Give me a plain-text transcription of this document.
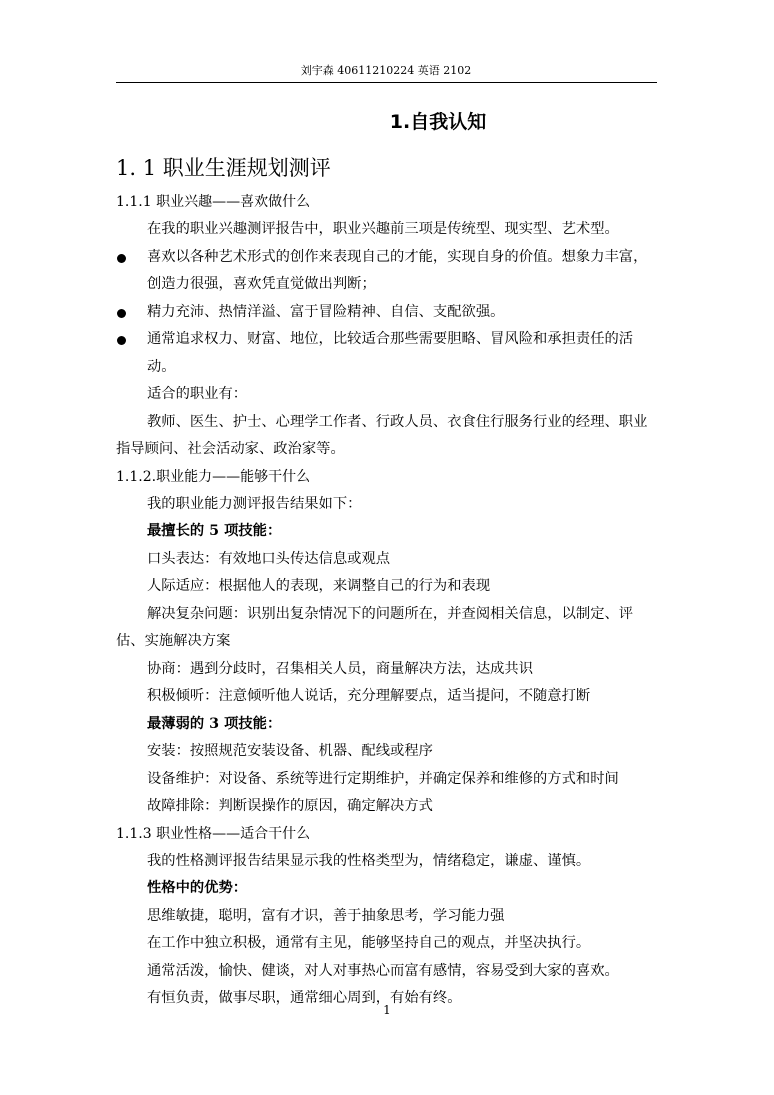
刘宇森 40611210224 英语 2102
1.自我认知
1. 1 职业生涯规划测评
1.1.1 职业兴趣——喜欢做什么
在我的职业兴趣测评报告中，职业兴趣前三项是传统型、现实型、艺术型。
喜欢以各种艺术形式的创作来表现自己的才能，实现自身的价值。想象力丰富，创造力很强，喜欢凭直觉做出判断；
精力充沛、热情洋溢、富于冒险精神、自信、支配欲强。
通常追求权力、财富、地位，比较适合那些需要胆略、冒风险和承担责任的活动。
适合的职业有：
教师、医生、护士、心理学工作者、行政人员、衣食住行服务行业的经理、职业指导顾问、社会活动家、政治家等。
1.1.2.职业能力——能够干什么
我的职业能力测评报告结果如下：
最擅长的 5 项技能：
口头表达：有效地口头传达信息或观点
人际适应：根据他人的表现，来调整自己的行为和表现
解决复杂问题：识别出复杂情况下的问题所在，并查阅相关信息，以制定、评估、实施解决方案
协商：遇到分歧时，召集相关人员，商量解决方法，达成共识
积极倾听：注意倾听他人说话，充分理解要点，适当提问，不随意打断
最薄弱的 3 项技能：
安装：按照规范安装设备、机器、配线或程序
设备维护：对设备、系统等进行定期维护，并确定保养和维修的方式和时间
故障排除：判断误操作的原因，确定解决方式
1.1.3 职业性格——适合干什么
我的性格测评报告结果显示我的性格类型为，情绪稳定，谦虚、谨慎。
性格中的优势：
思维敏捷，聪明，富有才识，善于抽象思考，学习能力强
在工作中独立积极，通常有主见，能够坚持自己的观点，并坚决执行。
通常活泼，愉快、健谈，对人对事热心而富有感情，容易受到大家的喜欢。
有恒负责，做事尽职，通常细心周到，有始有终。
1
